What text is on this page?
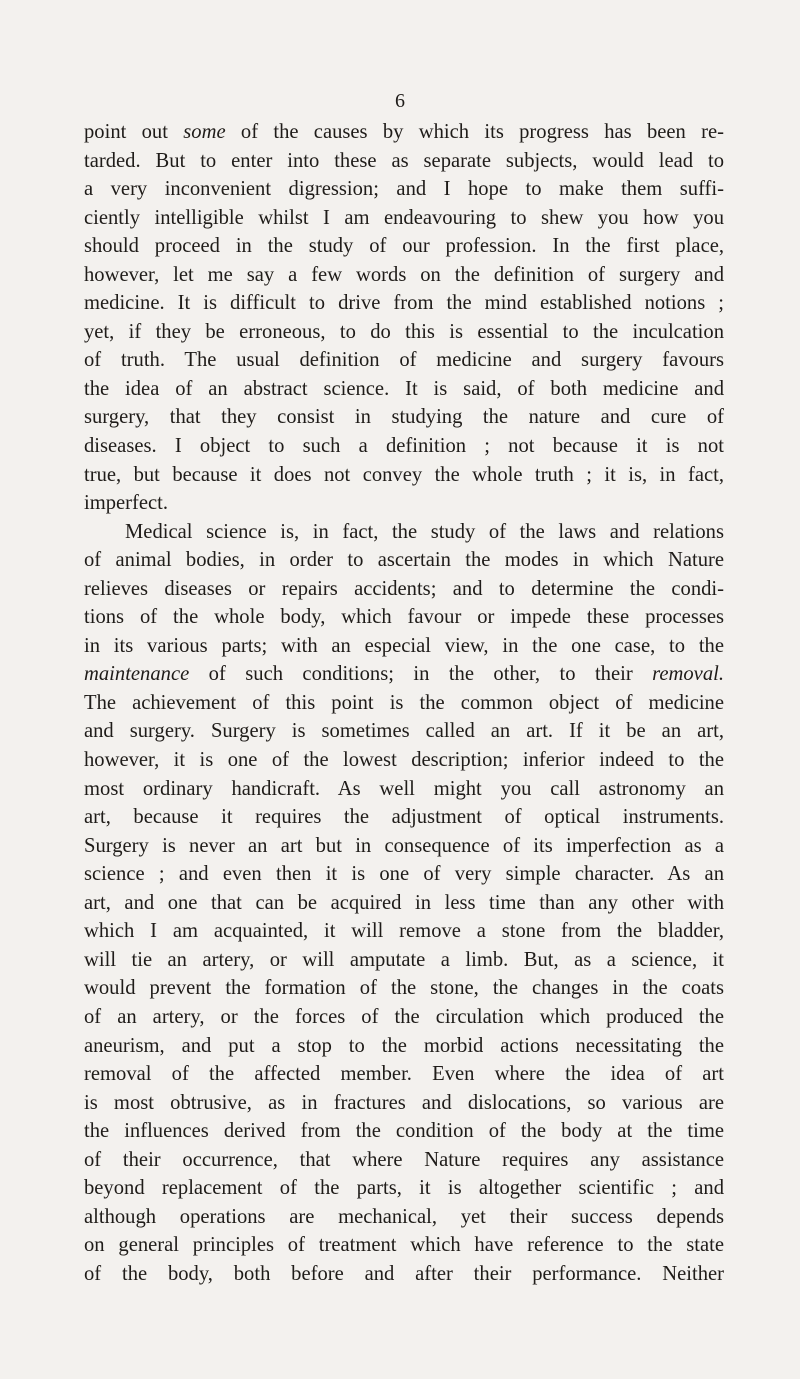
6
point out some of the causes by which its progress has been re-
tarded. But to enter into these as separate subjects, would lead to
a very inconvenient digression; and I hope to make them suffi-
ciently intelligible whilst I am endeavouring to shew you how you
should proceed in the study of our profession. In the first place,
however, let me say a few words on the definition of surgery and
medicine. It is difficult to drive from the mind established notions ;
yet, if they be erroneous, to do this is essential to the inculcation
of truth. The usual definition of medicine and surgery favours
the idea of an abstract science. It is said, of both medicine and
surgery, that they consist in studying the nature and cure of
diseases. I object to such a definition ; not because it is not
true, but because it does not convey the whole truth ; it is, in fact,
imperfect.
Medical science is, in fact, the study of the laws and relations
of animal bodies, in order to ascertain the modes in which Nature
relieves diseases or repairs accidents; and to determine the condi-
tions of the whole body, which favour or impede these processes
in its various parts; with an especial view, in the one case, to the
maintenance of such conditions; in the other, to their removal.
The achievement of this point is the common object of medicine
and surgery. Surgery is sometimes called an art. If it be an art,
however, it is one of the lowest description; inferior indeed to the
most ordinary handicraft. As well might you call astronomy an
art, because it requires the adjustment of optical instruments.
Surgery is never an art but in consequence of its imperfection as a
science ; and even then it is one of very simple character. As an
art, and one that can be acquired in less time than any other with
which I am acquainted, it will remove a stone from the bladder,
will tie an artery, or will amputate a limb. But, as a science, it
would prevent the formation of the stone, the changes in the coats
of an artery, or the forces of the circulation which produced the
aneurism, and put a stop to the morbid actions necessitating the
removal of the affected member. Even where the idea of art
is most obtrusive, as in fractures and dislocations, so various are
the influences derived from the condition of the body at the time
of their occurrence, that where Nature requires any assistance
beyond replacement of the parts, it is altogether scientific ; and
although operations are mechanical, yet their success depends
on general principles of treatment which have reference to the state
of the body, both before and after their performance. Neither
